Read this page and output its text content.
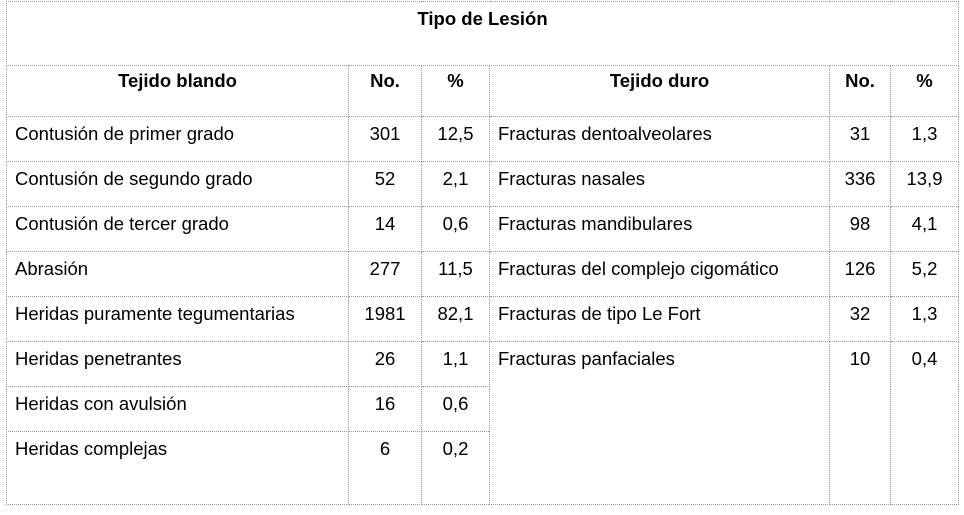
Tipo de Lesión					
Tejido blando	No.	%	Tejido duro	No.	%
Contusión de primer grado	301	12,5	Fracturas dentoalveolares	31	1,3
Contusión de segundo grado	52	2,1	Fracturas nasales	336	13,9
Contusión de tercer grado	14	0,6	Fracturas mandibulares	98	4,1
Abrasión	277	11,5	Fracturas del complejo cigomático	126	5,2
Heridas puramente tegumentarias	1981	82,1	Fracturas de tipo Le Fort	32	1,3
Heridas penetrantes	26	1,1	Fracturas panfaciales	10	0,4
Heridas con avulsión	16	0,6			
Heridas complejas	6	0,2			
